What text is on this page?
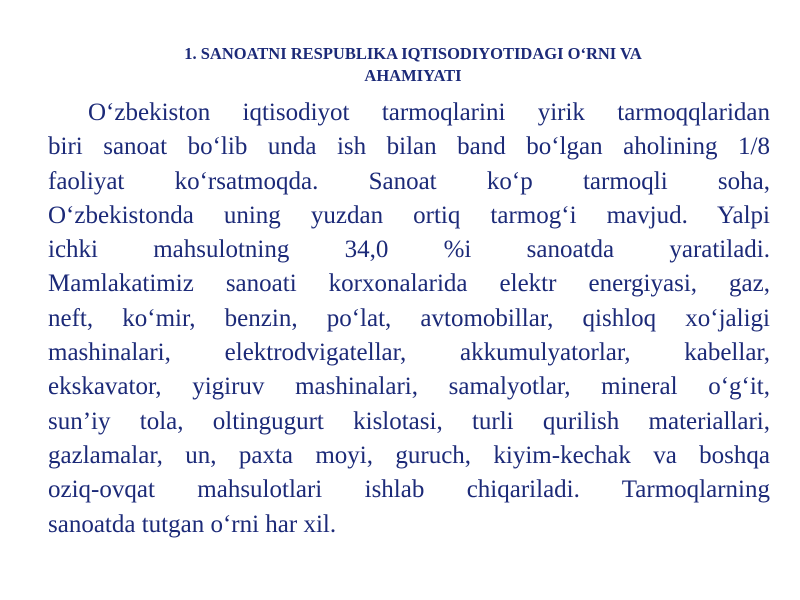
1. SANOATNI RESPUBLIKA IQTISODIYOTIDAGI O‘RNI VA
AHAMIYATI
O‘zbekiston iqtisodiyot tarmoqlarini yirik tarmoqqlaridan
biri sanoat bo‘lib unda ish bilan band bo‘lgan aholining 1/8
faoliyat ko‘rsatmoqda. Sanoat ko‘p tarmoqli soha,
O‘zbekistonda uning yuzdan ortiq tarmog‘i mavjud. Yalpi
ichki mahsulotning 34,0 %i sanoatda yaratiladi.
Mamlakatimiz sanoati korxonalarida elektr energiyasi, gaz,
neft, ko‘mir, benzin, po‘lat, avtomobillar, qishloq xo‘jaligi
mashinalari, elektrodvigatellar, akkumulyatorlar, kabellar,
ekskavator, yigiruv mashinalari, samalyotlar, mineral o‘g‘it,
sun’iy tola, oltingugurt kislotasi, turli qurilish materiallari,
gazlamalar, un, paxta moyi, guruch, kiyim-kechak va boshqa
oziq-ovqat mahsulotlari ishlab chiqariladi. Tarmoqlarning
sanoatda tutgan o‘rni har xil.
